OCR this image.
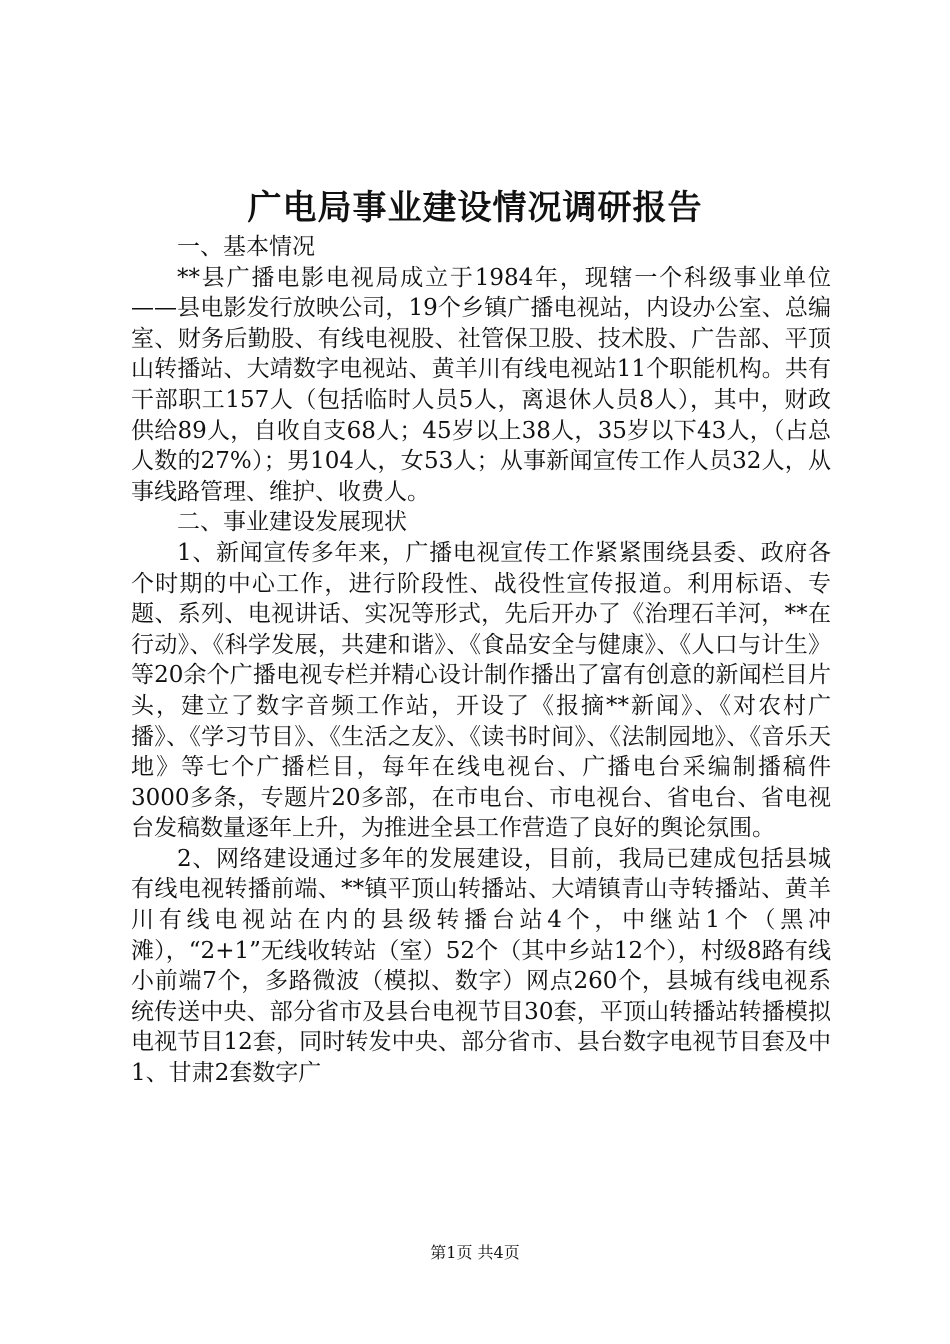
广电局事业建设情况调研报告

一、基本情况

**县广播电影电视局成立于1984年，现辖一个科级事业单位——县电影发行放映公司，19个乡镇广播电视站，内设办公室、总编室、财务后勤股、有线电视股、社管保卫股、技术股、广告部、平顶山转播站、大靖数字电视站、黄羊川有线电视站11个职能机构。共有干部职工157人（包括临时人员5人，离退休人员8人），其中，财政供给89人，自收自支68人；45岁以上38人，35岁以下43人，（占总人数的27%）；男104人，女53人；从事新闻宣传工作人员32人，从事线路管理、维护、收费人。

二、事业建设发展现状

1、新闻宣传多年来，广播电视宣传工作紧紧围绕县委、政府各个时期的中心工作，进行阶段性、战役性宣传报道。利用标语、专题、系列、电视讲话、实况等形式，先后开办了《治理石羊河，**在行动》、《科学发展，共建和谐》、《食品安全与健康》、《人口与计生》等20余个广播电视专栏并精心设计制作播出了富有创意的新闻栏目片头，建立了数字音频工作站，开设了《报摘**新闻》、《对农村广播》、《学习节目》、《生活之友》、《读书时间》、《法制园地》、《音乐天地》等七个广播栏目，每年在线电视台、广播电台采编制播稿件3000多条，专题片20多部，在市电台、市电视台、省电台、省电视台发稿数量逐年上升，为推进全县工作营造了良好的舆论氛围。

2、网络建设通过多年的发展建设，目前，我局已建成包括县城有线电视转播前端、**镇平顶山转播站、大靖镇青山寺转播站、黄羊川有线电视站在内的县级转播台站4个，中继站1个（黑冲滩），“2+1”无线收转站（室）52个（其中乡站12个），村级8路有线小前端7个，多路微波（模拟、数字）网点260个，县城有线电视系统传送中央、部分省市及县台电视节目30套，平顶山转播站转播模拟电视节目12套，同时转发中央、部分省市、县台数字电视节目套及中1、甘肃2套数字广

第1页 共4页
